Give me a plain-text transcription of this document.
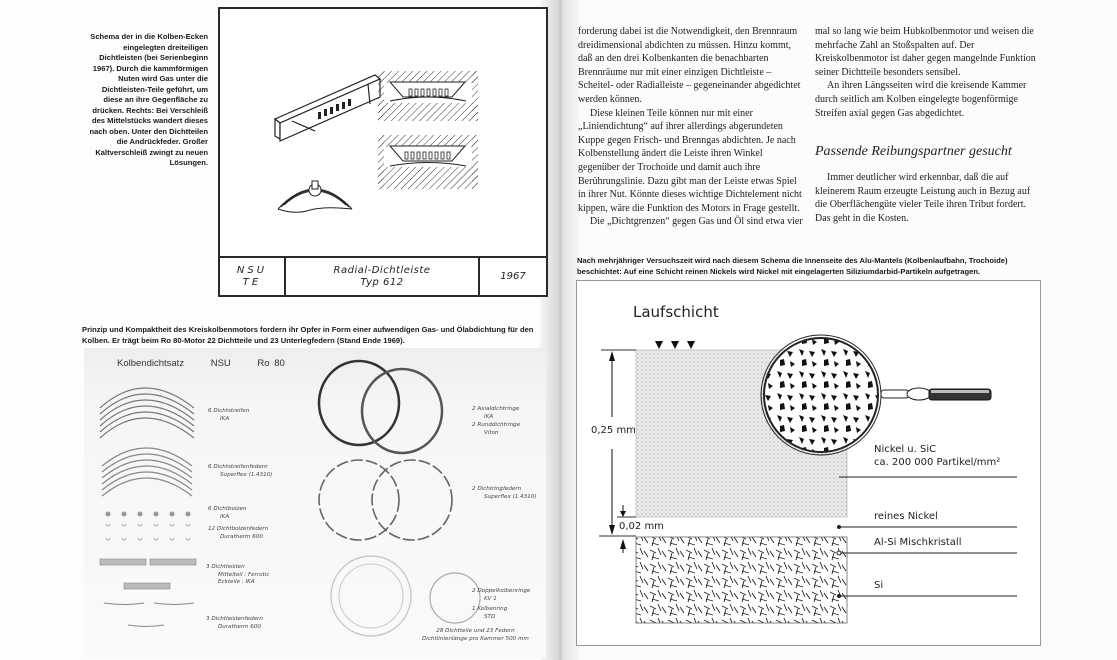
Schema der in die Kolben-Ecken eingelegten dreiteiligen Dichtleisten (bei Serienbeginn 1967). Durch die kammförmigen Nuten wird Gas unter die Dichtleisten-Teile geführt, um diese an ihre Gegenfläche zu drücken. Rechts: Bei Verschleiß des Mittelstücks wandert dieses nach oben. Unter den Dichtteilen die Andrückfeder. Großer Kaltverschleiß zwingt zu neuen Lösungen.
NSU
TE
Radial-Dichtleiste
Typ 612
1967
Prinzip und Kompaktheit des Kreiskolbenmotors fordern ihr Opfer in Form einer aufwendigen Gas- und Ölabdichtung für den Kolben. Er trägt beim Ro 80-Motor 22 Dichtteile und 23 Unterlegfedern (Stand Ende 1969).
Kolbendichtsatz	NSU	Ro 80
6 Dichtstreifen
IKA
6 Dichtstreifenfedern
Superflex (1.4310)
6 Dichtbolzen
IKA
12 Dichtbolzenfedern
Duratherm 600
3 Dichtleisten
Mittelteil : Ferrotic
Eckteile : IKA
3 Dichtleistenfedern
Duratherm 600
2 Axialdichtringe
IKA
2 Runddichtringe
Viton
2 Dichtringfedern
Superflex (1.4310)
2 Doppelkolbenringe
KV 1
1 Kolbenring
STD
28 Dichtteile und 23 Federn
Dichtlinienlänge pro Kammer 500 mm

forderung dabei ist die Notwendigkeit, den Brennraum dreidimensional abdichten zu müssen. Hinzu kommt, daß an den drei Kolbenkanten die benachbarten Brennräume nur mit einer einzigen Dichtleiste – Scheitel- oder Radialleiste – gegeneinander abgedichtet werden können.

Diese kleinen Teile können nur mit einer „Liniendichtung“ auf ihrer allerdings abgerundeten Kuppe gegen Frisch- und Brenngas abdichten. Je nach Kolbenstellung ändert die Leiste ihren Winkel gegenüber der Trochoide und damit auch ihre Berührungslinie. Dazu gibt man der Leiste etwas Spiel in ihrer Nut. Könnte dieses wichtige Dichtelement nicht kippen, wäre die Funktion des Motors in Frage gestellt.

Die „Dichtgrenzen“ gegen Gas und Öl sind etwa vier

mal so lang wie beim Hubkolbenmotor und weisen die mehrfache Zahl an Stoßspalten auf. Der Kreiskolbenmotor ist daher gegen mangelnde Funktion seiner Dichtteile besonders sensibel.

An ihren Längsseiten wird die kreisende Kammer durch seitlich am Kolben eingelegte bogenförmige Streifen axial gegen Gas abgedichtet.

Passende Reibungspartner gesucht

Immer deutlicher wird erkennbar, daß die auf kleinerem Raum erzeugte Leistung auch in Bezug auf die Oberflächengüte vieler Teile ihren Tribut fordert. Das geht in die Kosten.

Nach mehrjähriger Versuchszeit wird nach diesem Schema die Innenseite des Alu-Mantels (Kolbenlaufbahn, Trochoide) beschichtet: Auf eine Schicht reinen Nickels wird Nickel mit eingelagerten Siliziumdarbid-Partikeln aufgetragen.
Laufschicht
0,25 mm
0,02 mm
Nickel u. SiC
ca. 200 000 Partikel/mm²
reines Nickel
Al-Si Mischkristall
Si
